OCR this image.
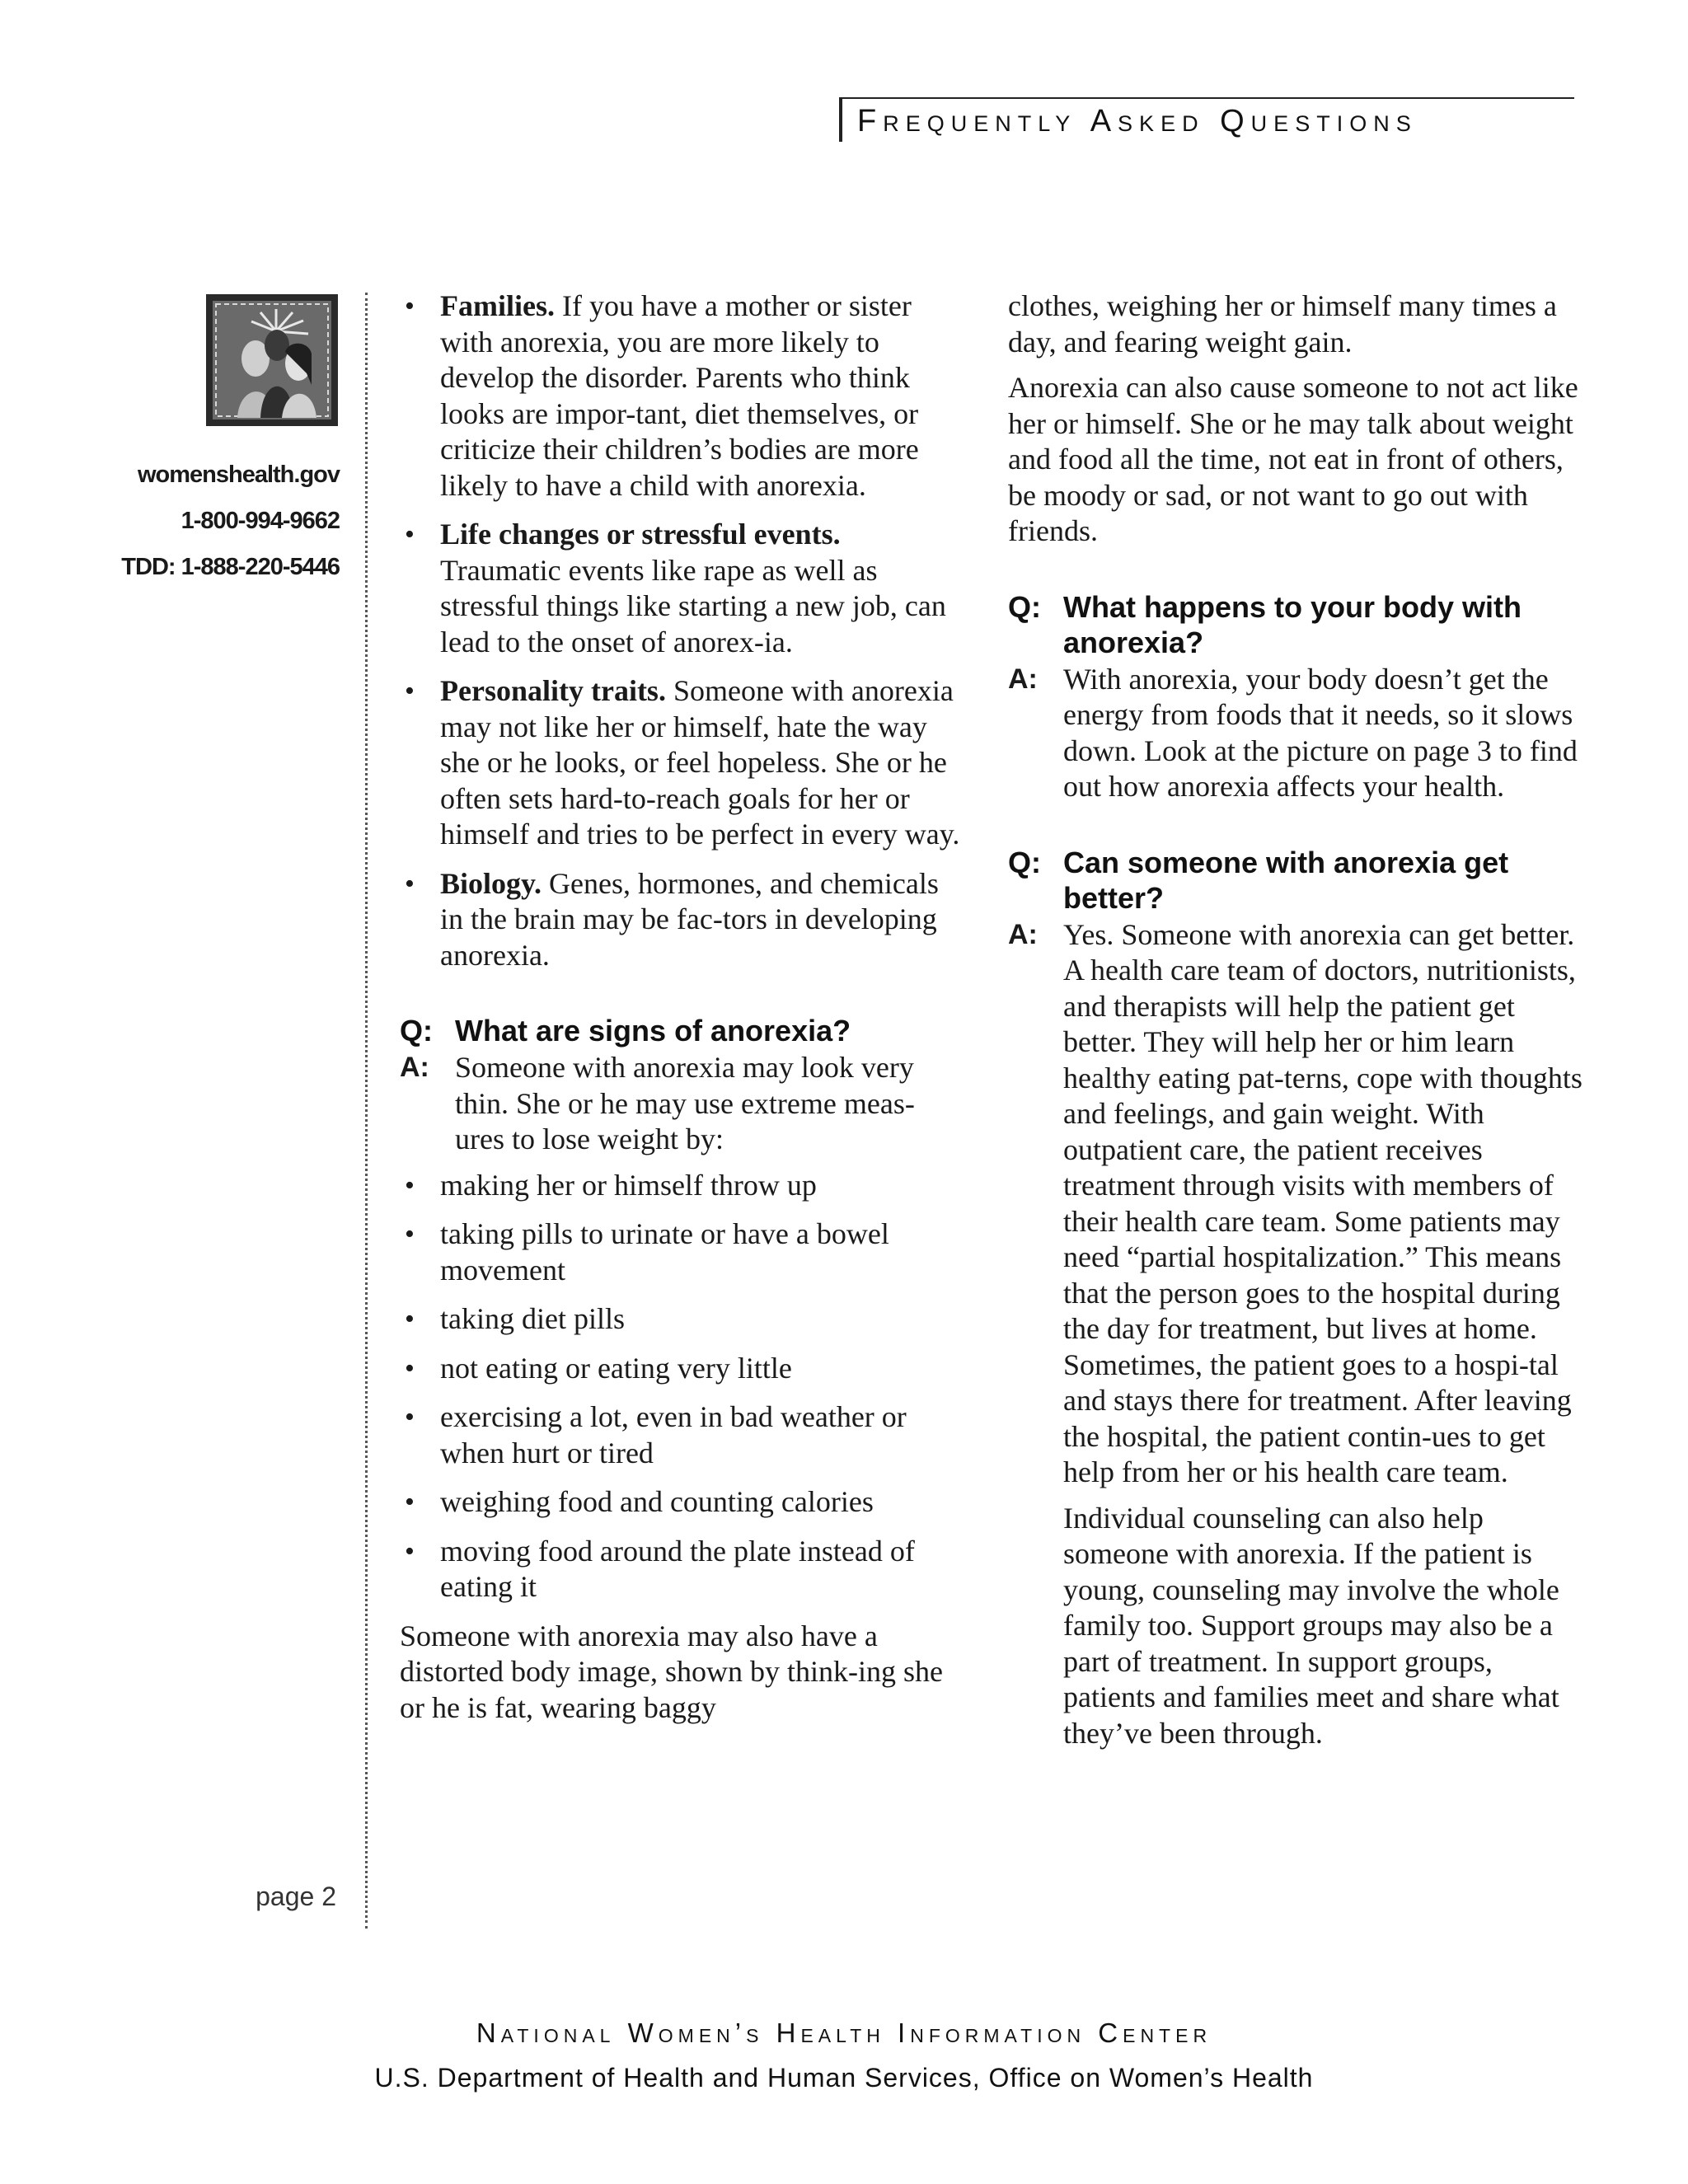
Frequently Asked Questions
womenshealth.gov
1-800-994-9662
TDD: 1-888-220-5446
page 2
• Families. If you have a mother or sister with anorexia, you are more likely to develop the disorder. Parents who think looks are impor-tant, diet themselves, or criticize their children’s bodies are more likely to have a child with anorexia.
• Life changes or stressful events. Traumatic events like rape as well as stressful things like starting a new job, can lead to the onset of anorex-ia.
• Personality traits. Someone with anorexia may not like her or himself, hate the way she or he looks, or feel hopeless. She or he often sets hard-to-reach goals for her or himself and tries to be perfect in every way.
• Biology. Genes, hormones, and chemicals in the brain may be fac-tors in developing anorexia.
Q: What are signs of anorexia?
A: Someone with anorexia may look very thin. She or he may use extreme meas-ures to lose weight by:
• making her or himself throw up
• taking pills to urinate or have a bowel movement
• taking diet pills
• not eating or eating very little
• exercising a lot, even in bad weather or when hurt or tired
• weighing food and counting calories
• moving food around the plate instead of eating it

Someone with anorexia may also have a distorted body image, shown by think-ing she or he is fat, wearing baggy

clothes, weighing her or himself many times a day, and fearing weight gain.

Anorexia can also cause someone to not act like her or himself. She or he may talk about weight and food all the time, not eat in front of others, be moody or sad, or not want to go out with friends.

Q: What happens to your body with anorexia?
A: With anorexia, your body doesn’t get the energy from foods that it needs, so it slows down. Look at the picture on page 3 to find out how anorexia affects your health.
Q: Can someone with anorexia get better?
A: Yes. Someone with anorexia can get better. A health care team of doctors, nutritionists, and therapists will help the patient get better. They will help her or him learn healthy eating pat-terns, cope with thoughts and feelings, and gain weight. With outpatient care, the patient receives treatment through visits with members of their health care team. Some patients may need “partial hospitalization.” This means that the person goes to the hospital during the day for treatment, but lives at home. Sometimes, the patient goes to a hospi-tal and stays there for treatment. After leaving the hospital, the patient contin-ues to get help from her or his health care team.

Individual counseling can also help someone with anorexia. If the patient is young, counseling may involve the whole family too. Support groups may also be a part of treatment. In support groups, patients and families meet and share what they’ve been through.

National Women’s Health Information Center
U.S. Department of Health and Human Services, Office on Women’s Health
